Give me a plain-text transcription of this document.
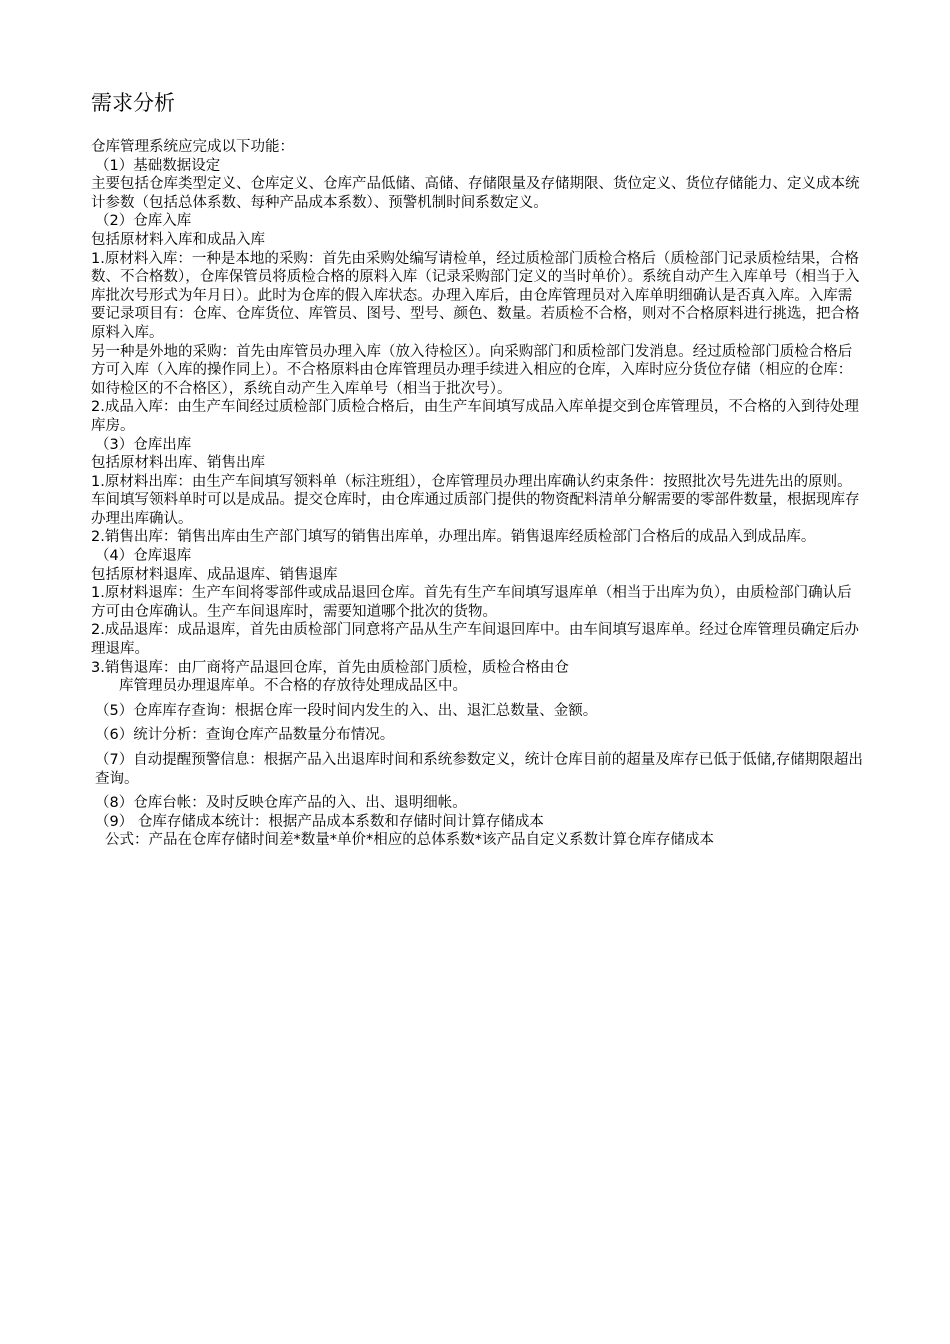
需求分析

仓库管理系统应完成以下功能：

（1）基础数据设定

主要包括仓库类型定义、仓库定义、仓库产品低储、高储、存储限量及存储期限、货位定义、货位存储能力、定义成本统计参数（包括总体系数、每种产品成本系数）、预警机制时间系数定义。

（2）仓库入库

包括原材料入库和成品入库

1.原材料入库：一种是本地的采购：首先由采购处编写请检单，经过质检部门质检合格后（质检部门记录质检结果，合格数、不合格数），仓库保管员将质检合格的原料入库（记录采购部门定义的当时单价）。系统自动产生入库单号（相当于入库批次号形式为年月日）。此时为仓库的假入库状态。办理入库后，由仓库管理员对入库单明细确认是否真入库。入库需要记录项目有：仓库、仓库货位、库管员、图号、型号、颜色、数量。若质检不合格，则对不合格原料进行挑选，把合格原料入库。

另一种是外地的采购：首先由库管员办理入库（放入待检区）。向采购部门和质检部门发消息。经过质检部门质检合格后方可入库（入库的操作同上）。不合格原料由仓库管理员办理手续进入相应的仓库，入库时应分货位存储（相应的仓库：如待检区的不合格区），系统自动产生入库单号（相当于批次号）。

2.成品入库：由生产车间经过质检部门质检合格后，由生产车间填写成品入库单提交到仓库管理员，不合格的入到待处理库房。

（3）仓库出库

包括原材料出库、销售出库

1.原材料出库：由生产车间填写领料单（标注班组），仓库管理员办理出库确认约束条件：按照批次号先进先出的原则。车间填写领料单时可以是成品。提交仓库时，由仓库通过质部门提供的物资配料清单分解需要的零部件数量，根据现库存办理出库确认。

2.销售出库：销售出库由生产部门填写的销售出库单，办理出库。销售退库经质检部门合格后的成品入到成品库。

（4）仓库退库

包括原材料退库、成品退库、销售退库

1.原材料退库：生产车间将零部件或成品退回仓库。首先有生产车间填写退库单（相当于出库为负），由质检部门确认后方可由仓库确认。生产车间退库时，需要知道哪个批次的货物。

2.成品退库：成品退库，首先由质检部门同意将产品从生产车间退回库中。由车间填写退库单。经过仓库管理员确定后办理退库。

3.销售退库：由厂商将产品退回仓库，首先由质检部门质检，质检合格由仓

库管理员办理退库单。不合格的存放待处理成品区中。

（5）仓库库存查询：根据仓库一段时间内发生的入、出、退汇总数量、金额。

（6）统计分析：查询仓库产品数量分布情况。

（7）自动提醒预警信息：根据产品入出退库时间和系统参数定义，统计仓库目前的超量及库存已低于低储,存储期限超出查询。

（8）仓库台帐：及时反映仓库产品的入、出、退明细帐。

（9） 仓库存储成本统计：根据产品成本系数和存储时间计算存储成本

公式：产品在仓库存储时间差*数量*单价*相应的总体系数*该产品自定义系数计算仓库存储成本
